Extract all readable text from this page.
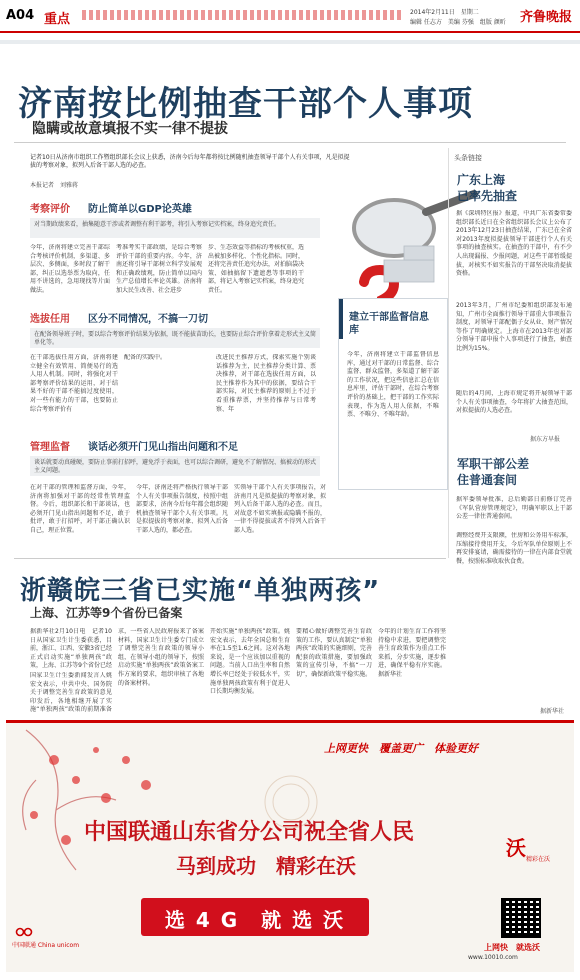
A04 重点	2014年2月11日　星期二
编辑 任志方　美编 芬强　组版 颜昕 齐鲁晚报
济南按比例抽查干部个人事项
隐瞒或故意填报不实一律不提拔
记者10日从济南市组织工作暨组织部长会议上获悉，济南今后每年都将按比例随机抽查领导干部个人有关事项，凡是拟提拔的考察对象，拟列入后备干部人选的必查。
本报记者　刘雅蒋
考察评价 防止简单以GDP论英雄
对当期政绩来看，抽集随意干涉或者调整有利干部考，将引入考察记实档案，终身追究责任。
今年，济南将建立完善干部综合考核评价机制，多渠道、多层次、多侧面，多时段了解干部，纠正以选举票为取向，任用不讲选的，急用现找等片面做法。
考准考实干部政绩，是综合考察评价干部的重要内容。今年，济南还将引导干部树立科学发展观和正确政绩观，防止简单以国内生产总值增长率论英雄。济南将加大民生改善、社会进步
步、生态效益等指标的考核权重，选出被加多样化、个性化指标。同时，还将完善责任追究办法，对拍脑袋决策、如抽搞留下遗遮患等事项的干部，将记入考察记实档案，终身追究责任。
选拔任用 区分不同情况，不搞一刀切
在配备领导班子时，要以综合考察评价结果为依据，既不能拔苗助长，也要防止综合评价拿着走形式主义简单化等。
在干部选拔任用方面，济南将建立健全有效管用、简便易行的选人用人机制。同时，将强化对干部考察评价结果的运用，对于结果不好的干部不能搞过度使用，对一些有能力的干部，也要防止综合考察评价有
配备的实践中。	改进民主推荐方式，探索实施个别谈话推荐为主，民主推荐分类计算、票决推荐，对干部在选拔任用方面，以民主推荐作为其中的依据，要结合干部实际，对民主推荐的原则上不过于看重推荐票，并坚持推荐与日常考察、年
管理监督 谈话必须开门见山指出问题和不足
谈话就要动真碰硬，要防止事前打招呼，避免浮于表面，也可以综合调研，避免不了解情况、搞被动的形式主义问题。
在对干部的管理和监督方面，今年，济南将加强对干部的经常性管理监督。今后，组织部长和干部谈话，也必须开门见山指出问题和不足，敢于批评，敢于打招呼，对干部正确认识自己，理正位置。
今年，济南还将严格执行领导干部个人有关事项报告制度，按照中组部要求，济南今后每年都会组织随机抽查领导干部个人有关事项。凡是拟提拔的考察对象、拟列入后备干部人选的，都必查。
实领导干部个人有关事项报告，对济南月凡是拟提拔的考察对象，拟列入后备干部人选的必查。而且，对故意不如实填报或隐瞒不报的，一律不得提拔或者不得列入后备干部人选。
建立干部监督信息库
今年，济南将建立干部监督信息库，通过对干部的日常监督、综合监督、群众监督，多渠道了解干部的工作状况，把这些信息汇总在信息库里，评估干部时，在综合考察评价的基础上，把干部的工作实际表现，作为选人用人依据，不唯票、不唯分、不唯年龄。
头条链接
广东上海
已率先抽查
据《深圳特区报》报道，中共广东省委常委组织部长近日在全省组织部长会议上公布了2013年12月23日抽查结果，广东已在全省对2013年度拟提拔领导干部进行个人有关事项的抽查核实。在抽查的干部中，有不少人出现漏报、少报问题，对这些干部暂缓提拔，对核实不如实报告的干部坚决取消提拔资格。
2013年3月，广州市纪委和组织部发布通知，广州市全面推行领导干部重大事项报告制度，对领导干部配偶子女从业、财产情况等作了明确规定。上海市在2013年也对部分领导干部申报个人事项进行了抽查，抽查比例为15%。
随后的4月间，上海市规定将开展领导干部个人有关事项抽查，今年将扩大抽查范围，对拟提拔的人选必查。
据东方早报
军职干部公差
住普通套间
据军委领导批准，总后勤部日前修订完善《军队营房管理规定》，明确军职以上干部公差一律住普通套间。
调整经费开支限额，住房和公务用车标准，压缩接待费用开支，今后军队单位原则上不再安排宴请，确需接待的一律在内部食堂就餐，按照标准收取伙食费。
据新华社
浙赣皖三省已实施“单独两孩”
上海、江苏等9个省份已备案
据新华社2月10日电　记者10日从国家卫生计生委获悉，目前，浙江、江西、安徽3省已经正式启动实施“单独两孩”政策，上海、江苏等9个省份已经
国家卫生计生委新闻发言人姚宏文表示，中共中央、国务院关于调整完善生育政策的意见印发后，各地相继开展了实施“单独两孩”政策的前期准备
求，一些省人民政府报来了备案材料，国家卫生计生委专门成立了调整完善生育政策的领导小组，在领导小组的领导下，按照启动实施“单独两孩”政策备案工作方案的要求，组织审核了各地的备案材料。
开始实施“单独两孩”政策。姚宏文表示，去年全国总和生育率在1.5至1.6之间。这对各地来说，是一个应该加以重视的问题。当前人口出生率和自然增长率已经处于较低水平，实施单独两孩政策有利于促进人口长期均衡发展。
要精心做好调整完善生育政策的工作，要认真制定“单独两孩”政策的实施细则，完善配套的政策措施，要加强政策的宣传引导，不搞“一刀切”，确保新政策平稳实施。
今年的计划生育工作将坚持稳中求进，要把调整完善生育政策作为重点工作来抓，分步实施，逐步推进，确保平稳有序实施。据新华社
上网更快　覆盖更广　体验更好
中国联通山东省分公司祝全省人民
马到成功　精彩在沃
选 4 G　就 选 沃
沃 精彩在沃
中国联通 China unicom	上网快　就选沃
www.10010.com
